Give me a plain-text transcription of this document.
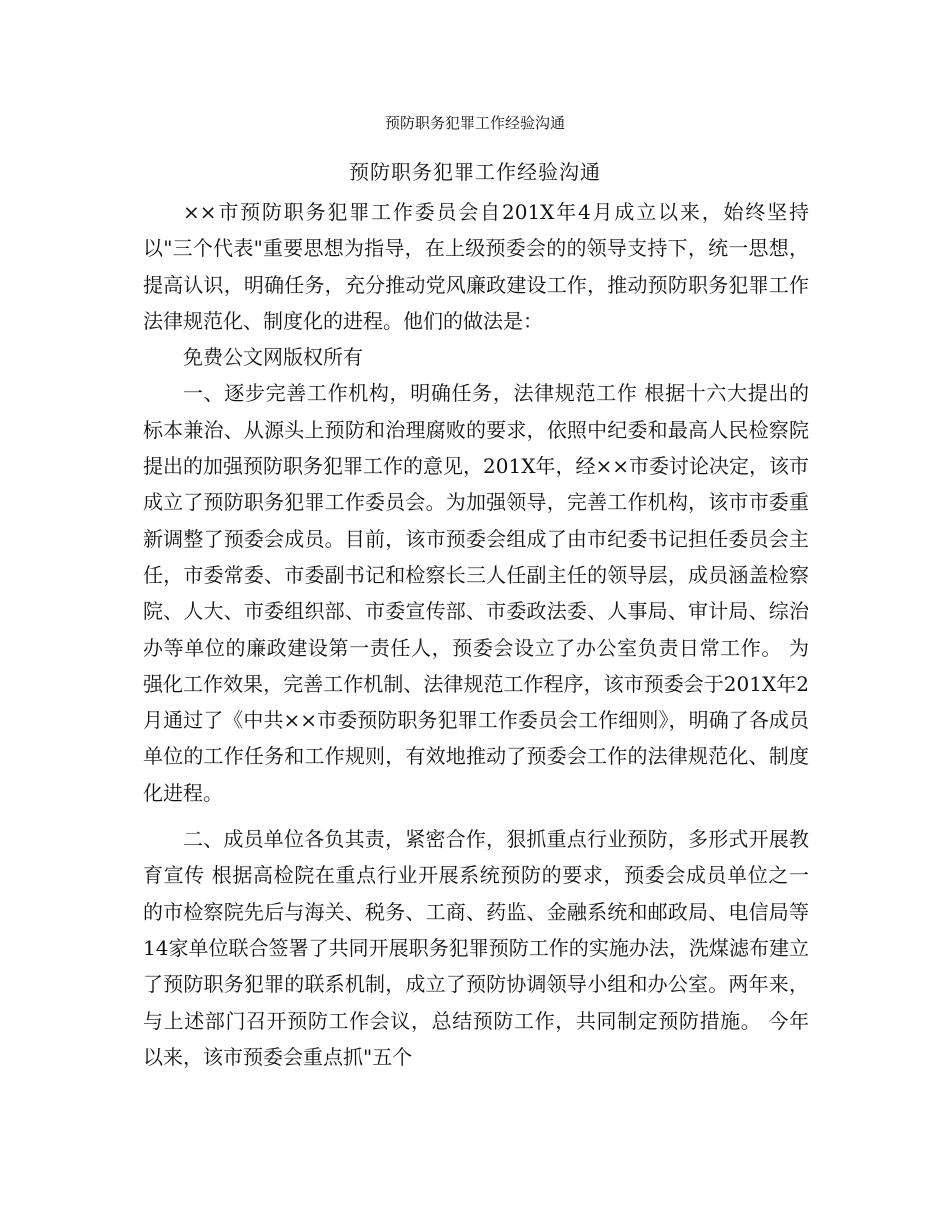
预防职务犯罪工作经验沟通
预防职务犯罪工作经验沟通

××市预防职务犯罪工作委员会自201X年4月成立以来，始终坚持以"三个代表"重要思想为指导，在上级预委会的的领导支持下，统一思想，提高认识，明确任务，充分推动党风廉政建设工作，推动预防职务犯罪工作法律规范化、制度化的进程。他们的做法是：

免费公文网版权所有

一、逐步完善工作机构，明确任务，法律规范工作 根据十六大提出的标本兼治、从源头上预防和治理腐败的要求，依照中纪委和最高人民检察院提出的加强预防职务犯罪工作的意见，201X年，经××市委讨论决定，该市成立了预防职务犯罪工作委员会。为加强领导，完善工作机构，该市市委重新调整了预委会成员。目前，该市预委会组成了由市纪委书记担任委员会主任，市委常委、市委副书记和检察长三人任副主任的领导层，成员涵盖检察院、人大、市委组织部、市委宣传部、市委政法委、人事局、审计局、综治办等单位的廉政建设第一责任人，预委会设立了办公室负责日常工作。 为强化工作效果，完善工作机制、法律规范工作程序，该市预委会于201X年2月通过了《中共××市委预防职务犯罪工作委员会工作细则》，明确了各成员单位的工作任务和工作规则，有效地推动了预委会工作的法律规范化、制度化进程。

二、成员单位各负其责，紧密合作，狠抓重点行业预防，多形式开展教育宣传 根据高检院在重点行业开展系统预防的要求，预委会成员单位之一的市检察院先后与海关、税务、工商、药监、金融系统和邮政局、电信局等14家单位联合签署了共同开展职务犯罪预防工作的实施办法，洗煤滤布建立了预防职务犯罪的联系机制，成立了预防协调领导小组和办公室。两年来，与上述部门召开预防工作会议，总结预防工作，共同制定预防措施。 今年以来，该市预委会重点抓"五个
